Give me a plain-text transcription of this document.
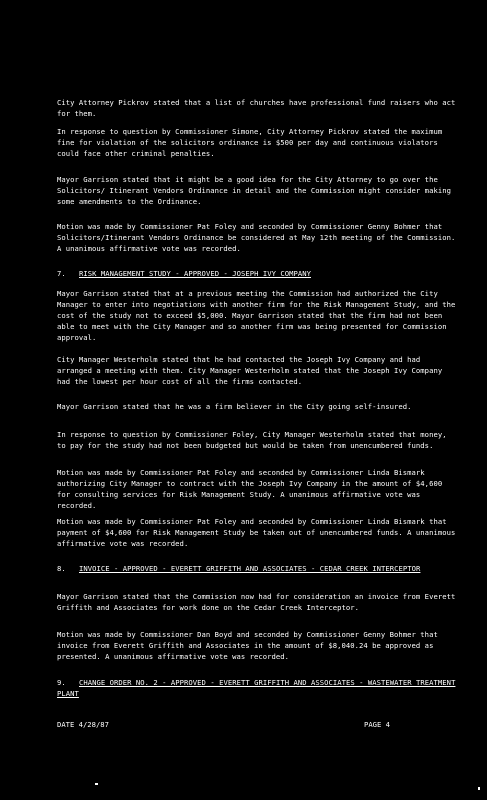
City Attorney Pickrov stated that a list of churches have professional fund raisers who act for them.

In response to question by Commissioner Simone, City Attorney Pickrov stated the maximum fine for violation of the solicitors ordinance is $500 per day and continuous violators could face other criminal penalties.

Mayor Garrison stated that it might be a good idea for the City Attorney to go over the Solicitors/ Itinerant Vendors Ordinance in detail and the Commission might consider making some amendments to the Ordinance.

Motion was made by Commissioner Pat Foley and seconded by Commissioner Genny Bohmer that Solicitors/Itinerant Vendors Ordinance be considered at May 12th meeting of the Commission. A unanimous affirmative vote was recorded.

7. RISK MANAGEMENT STUDY - APPROVED - JOSEPH IVY COMPANY

Mayor Garrison stated that at a previous meeting the Commission had authorized the City Manager to enter into negotiations with another firm for the Risk Management Study, and the cost of the study not to exceed $5,000. Mayor Garrison stated that the firm had not been able to meet with the City Manager and so another firm was being presented for Commission approval.

City Manager Westerholm stated that he had contacted the Joseph Ivy Company and had arranged a meeting with them. City Manager Westerholm stated that the Joseph Ivy Company had the lowest per hour cost of all the firms contacted.

Mayor Garrison stated that he was a firm believer in the City going self-insured.

In response to question by Commissioner Foley, City Manager Westerholm stated that money, to pay for the study had not been budgeted but would be taken from unencumbered funds.

Motion was made by Commissioner Pat Foley and seconded by Commissioner Linda Bismark authorizing City Manager to contract with the Joseph Ivy Company in the amount of $4,600 for consulting services for Risk Management Study. A unanimous affirmative vote was recorded.

Motion was made by Commissioner Pat Foley and seconded by Commissioner Linda Bismark that payment of $4,600 for Risk Management Study be taken out of unencumbered funds. A unanimous affirmative vote was recorded.

8. INVOICE - APPROVED - EVERETT GRIFFITH AND ASSOCIATES - CEDAR CREEK INTERCEPTOR

Mayor Garrison stated that the Commission now had for consideration an invoice from Everett Griffith and Associates for work done on the Cedar Creek Interceptor.

Motion was made by Commissioner Dan Boyd and seconded by Commissioner Genny Bohmer that invoice from Everett Griffith and Associates in the amount of $8,040.24 be approved as presented. A unanimous affirmative vote was recorded.

9. CHANGE ORDER NO. 2 - APPROVED - EVERETT GRIFFITH AND ASSOCIATES - WASTEWATER TREATMENT PLANT

DATE 4/28/87	PAGE 4
